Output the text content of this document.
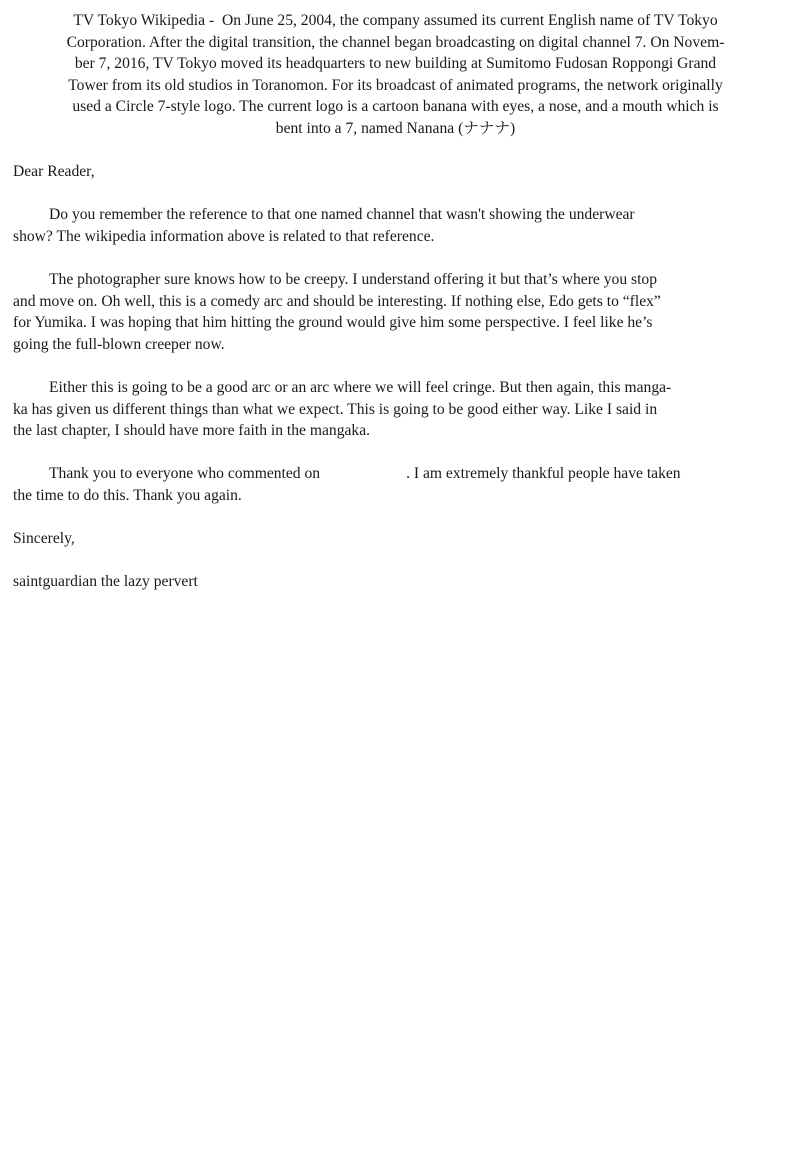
TV Tokyo Wikipedia - On June 25, 2004, the company assumed its current English name of TV Tokyo
Corporation. After the digital transition, the channel began broadcasting on digital channel 7. On Novem-
ber 7, 2016, TV Tokyo moved its headquarters to new building at Sumitomo Fudosan Roppongi Grand
Tower from its old studios in Toranomon. For its broadcast of animated programs, the network originally
used a Circle 7-style logo. The current logo is a cartoon banana with eyes, a nose, and a mouth which is
bent into a 7, named Nanana (ナナナ)

Dear Reader,

Do you remember the reference to that one named channel that wasn't showing the underwear
show? The wikipedia information above is related to that reference.
The photographer sure knows how to be creepy. I understand offering it but that’s where you stop
and move on. Oh well, this is a comedy arc and should be interesting. If nothing else, Edo gets to “flex”
for Yumika. I was hoping that him hitting the ground would give him some perspective. I feel like he’s
going the full-blown creeper now.
Either this is going to be a good arc or an arc where we will feel cringe. But then again, this manga-
ka has given us different things than what we expect. This is going to be good either way. Like I said in
the last chapter, I should have more faith in the mangaka.
Thank you to everyone who commented on	. I am extremely thankful people have taken
the time to do this. Thank you again.

Sincerely,

saintguardian the lazy pervert
